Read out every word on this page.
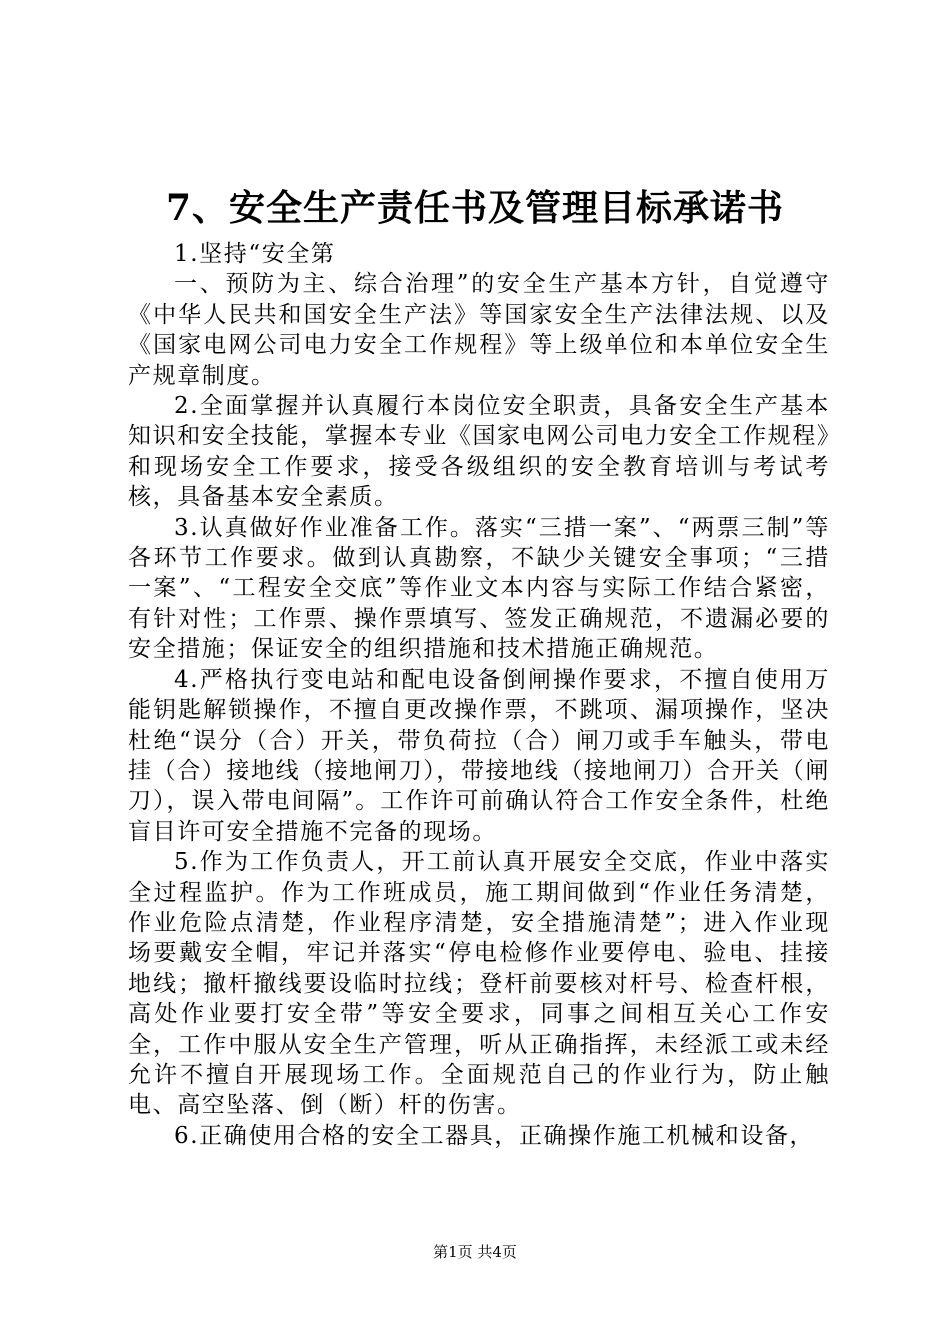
7、安全生产责任书及管理目标承诺书

1.坚持“安全第

一、预防为主、综合治理”的安全生产基本方针，自觉遵守《中华人民共和国安全生产法》等国家安全生产法律法规、以及《国家电网公司电力安全工作规程》等上级单位和本单位安全生产规章制度。

2.全面掌握并认真履行本岗位安全职责，具备安全生产基本知识和安全技能，掌握本专业《国家电网公司电力安全工作规程》和现场安全工作要求，接受各级组织的安全教育培训与考试考核，具备基本安全素质。

3.认真做好作业准备工作。落实“三措一案”、“两票三制”等各环节工作要求。做到认真勘察，不缺少关键安全事项；“三措一案”、“工程安全交底”等作业文本内容与实际工作结合紧密，有针对性；工作票、操作票填写、签发正确规范，不遗漏必要的安全措施；保证安全的组织措施和技术措施正确规范。

4.严格执行变电站和配电设备倒闸操作要求，不擅自使用万能钥匙解锁操作，不擅自更改操作票，不跳项、漏项操作，坚决杜绝“误分（合）开关，带负荷拉（合）闸刀或手车触头，带电挂（合）接地线（接地闸刀），带接地线（接地闸刀）合开关（闸刀），误入带电间隔”。工作许可前确认符合工作安全条件，杜绝盲目许可安全措施不完备的现场。

5.作为工作负责人，开工前认真开展安全交底，作业中落实全过程监护。作为工作班成员，施工期间做到“作业任务清楚，作业危险点清楚，作业程序清楚，安全措施清楚”；进入作业现场要戴安全帽，牢记并落实“停电检修作业要停电、验电、挂接地线；撤杆撤线要设临时拉线；登杆前要核对杆号、检查杆根，高处作业要打安全带”等安全要求，同事之间相互关心工作安全，工作中服从安全生产管理，听从正确指挥，未经派工或未经允许不擅自开展现场工作。全面规范自己的作业行为，防止触电、高空坠落、倒（断）杆的伤害。

6.正确使用合格的安全工器具，正确操作施工机械和设备，

第1页 共4页
